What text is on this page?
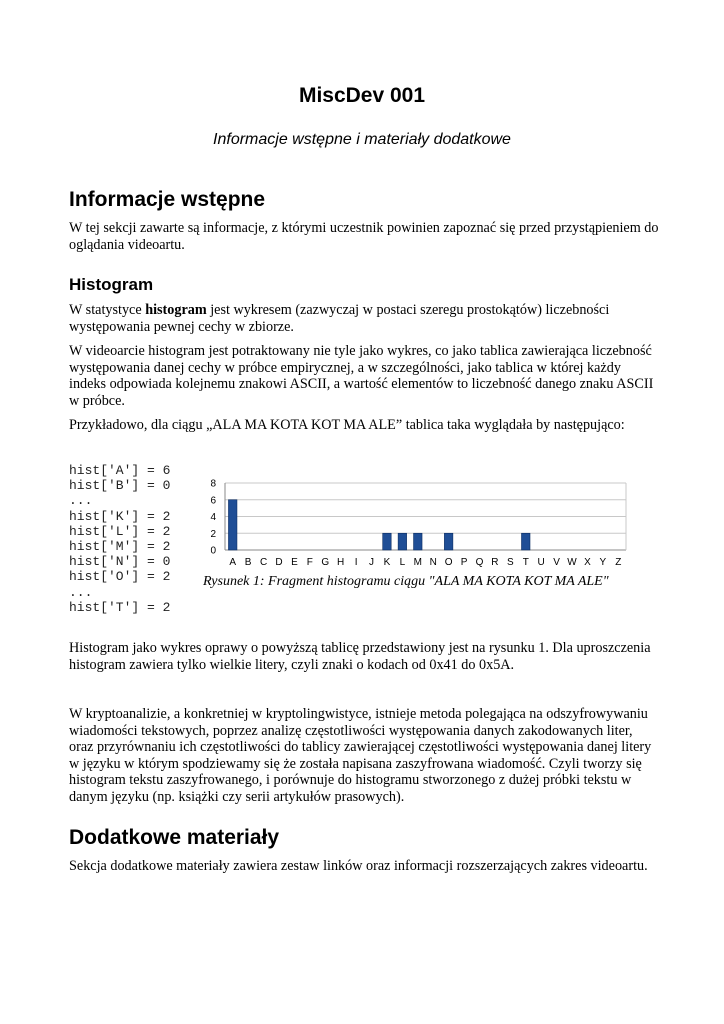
MiscDev 001
Informacje wstępne i materiały dodatkowe
Informacje wstępne
W tej sekcji zawarte są informacje, z którymi uczestnik powinien zapoznać się przed przystąpieniem do oglądania videoartu.
Histogram
W statystyce histogram jest wykresem (zazwyczaj w postaci szeregu prostokątów) liczebności występowania pewnej cechy w zbiorze.
W videoarcie histogram jest potraktowany nie tyle jako wykres, co jako tablica zawierająca liczebność występowania danej cechy w próbce empirycznej, a w szczególności, jako tablica w której każdy indeks odpowiada kolejnemu znakowi ASCII, a wartość elementów to liczebność danego znaku ASCII w próbce.
Przykładowo, dla ciągu „ALA MA KOTA KOT MA ALE” tablica taka wyglądała by następująco:
hist['A'] = 6
hist['B'] = 0
...
hist['K'] = 2
hist['L'] = 2
hist['M'] = 2
hist['N'] = 0
hist['O'] = 2
...
hist['T'] = 2
0
2
4
6
8
A B C D E F G H I J K L M N O P Q R S T U V W X Y Z
Rysunek 1: Fragment histogramu ciągu "ALA MA KOTA KOT MA ALE"
Histogram jako wykres oprawy o powyższą tablicę przedstawiony jest na rysunku 1. Dla uproszczenia histogram zawiera tylko wielkie litery, czyli znaki o kodach od 0x41 do 0x5A.
W kryptoanalizie, a konkretniej w kryptolingwistyce, istnieje metoda polegająca na odszyfrowywaniu wiadomości tekstowych, poprzez analizę częstotliwości występowania danych zakodowanych liter, oraz przyrównaniu ich częstotliwości do tablicy zawierającej częstotliwości występowania danej litery w języku w którym spodziewamy się że została napisana zaszyfrowana wiadomość. Czyli tworzy się histogram tekstu zaszyfrowanego, i porównuje do histogramu stworzonego z dużej próbki tekstu w danym języku (np. książki czy serii artykułów prasowych).
Dodatkowe materiały
Sekcja dodatkowe materiały zawiera zestaw linków oraz informacji rozszerzających zakres videoartu.
